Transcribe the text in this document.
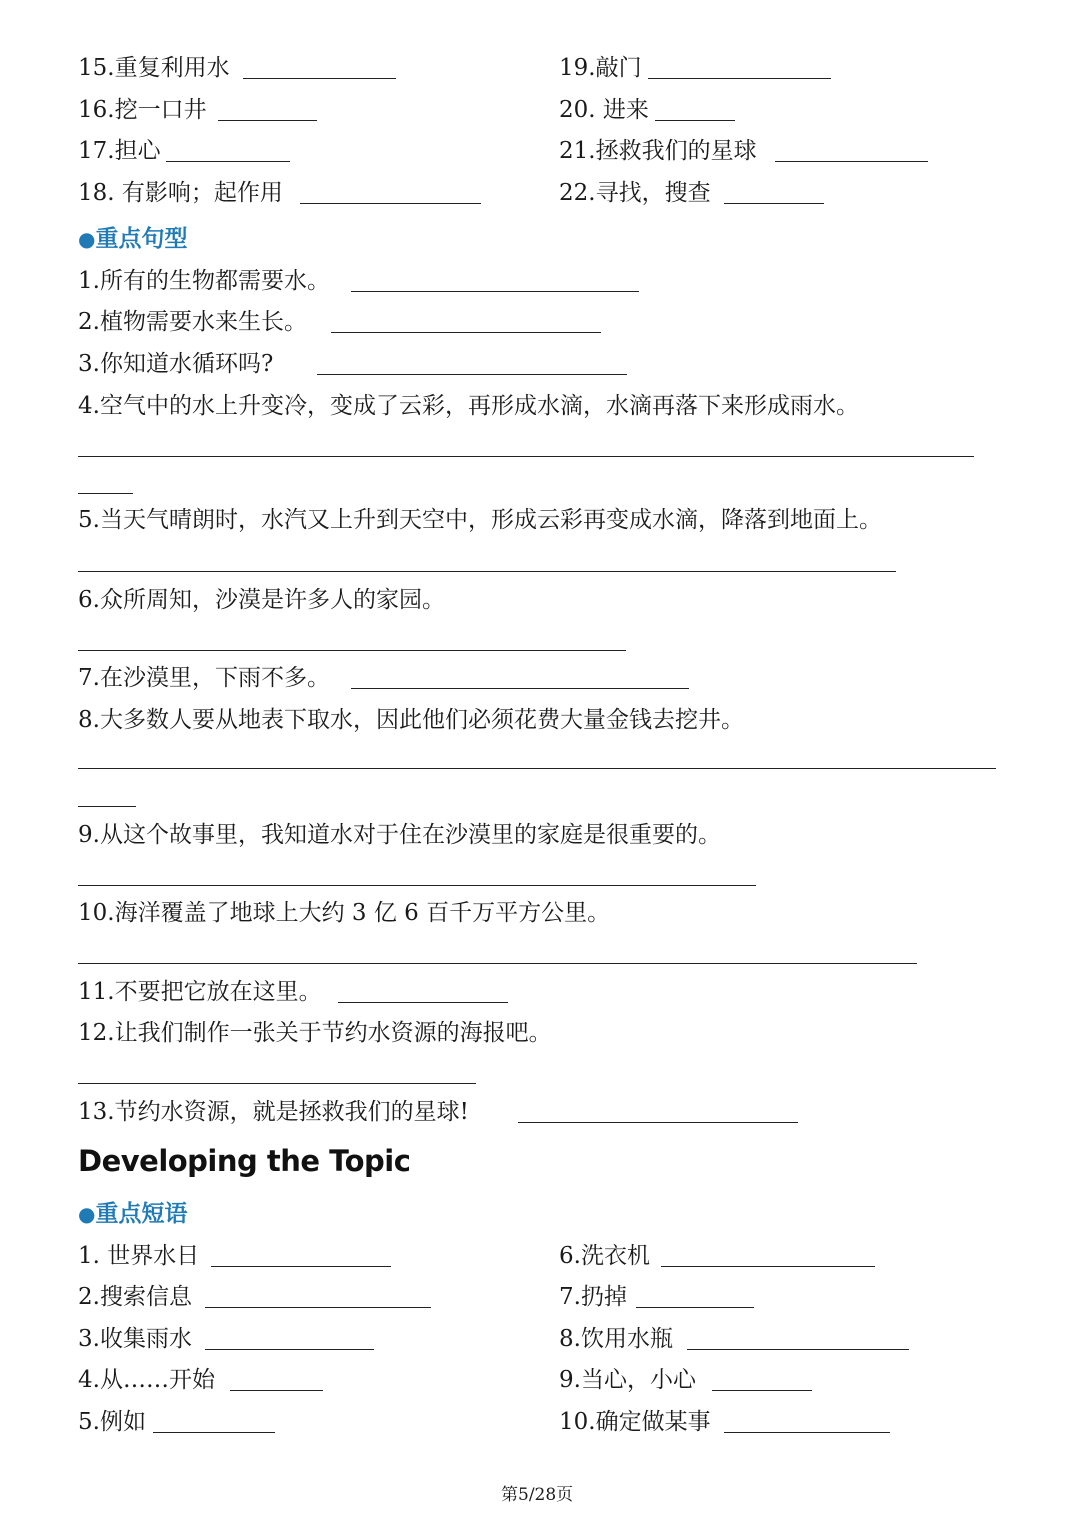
15.重复利用水
16.挖一口井
17.担心
18. 有影响；起作用
19.敲门
20. 进来
21.拯救我们的星球
22.寻找，搜查
●重点句型
1.所有的生物都需要水。
2.植物需要水来生长。
3.你知道水循环吗?
4.空气中的水上升变冷，变成了云彩，再形成水滴，水滴再落下来形成雨水。
5.当天气晴朗时，水汽又上升到天空中，形成云彩再变成水滴，降落到地面上。
6.众所周知，沙漠是许多人的家园。
7.在沙漠里，下雨不多。
8.大多数人要从地表下取水，因此他们必须花费大量金钱去挖井。
9.从这个故事里，我知道水对于住在沙漠里的家庭是很重要的。
10.海洋覆盖了地球上大约 3 亿 6 百千万平方公里。
11.不要把它放在这里。
12.让我们制作一张关于节约水资源的海报吧。
13.节约水资源，就是拯救我们的星球!
Developing the Topic
●重点短语
1. 世界水日
2.搜索信息
3.收集雨水
4.从……开始
5.例如
6.洗衣机
7.扔掉
8.饮用水瓶
9.当心，小心
10.确定做某事
第5/28页
